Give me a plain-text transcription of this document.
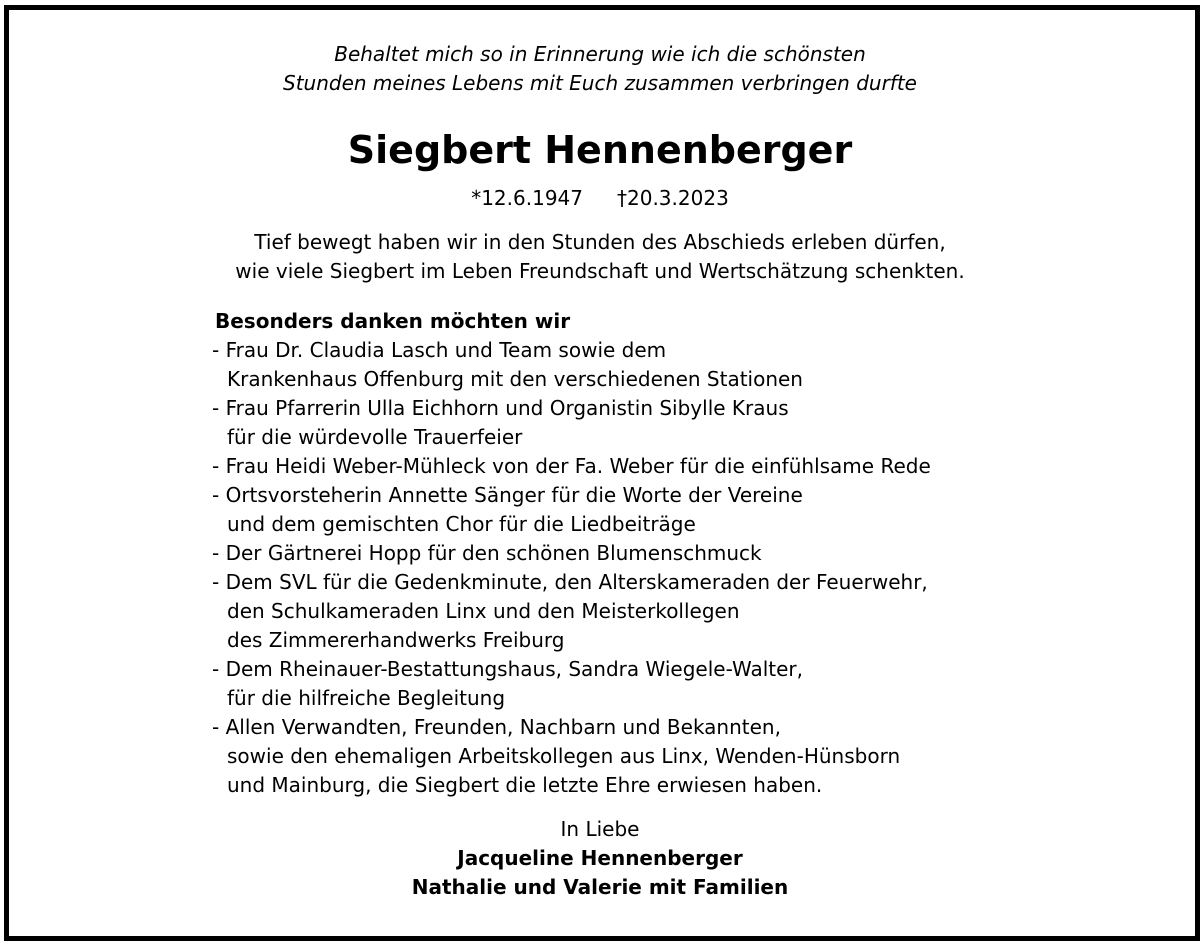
Behaltet mich so in Erinnerung wie ich die schönsten
Stunden meines Lebens mit Euch zusammen verbringen durfte
Siegbert Hennenberger
*12.6.1947 †20.3.2023
Tief bewegt haben wir in den Stunden des Abschieds erleben dürfen,
wie viele Siegbert im Leben Freundschaft und Wertschätzung schenkten.
Besonders danken möchten wir
- Frau Dr. Claudia Lasch und Team sowie dem
Krankenhaus Offenburg mit den verschiedenen Stationen
- Frau Pfarrerin Ulla Eichhorn und Organistin Sibylle Kraus
für die würdevolle Trauerfeier
- Frau Heidi Weber-Mühleck von der Fa. Weber für die einfühlsame Rede
- Ortsvorsteherin Annette Sänger für die Worte der Vereine
und dem gemischten Chor für die Liedbeiträge
- Der Gärtnerei Hopp für den schönen Blumenschmuck
- Dem SVL für die Gedenkminute, den Alterskameraden der Feuerwehr,
den Schulkameraden Linx und den Meisterkollegen
des Zimmererhandwerks Freiburg
- Dem Rheinauer-Bestattungshaus, Sandra Wiegele-Walter,
für die hilfreiche Begleitung
- Allen Verwandten, Freunden, Nachbarn und Bekannten,
sowie den ehemaligen Arbeitskollegen aus Linx, Wenden-Hünsborn
und Mainburg, die Siegbert die letzte Ehre erwiesen haben.
In Liebe
Jacqueline Hennenberger
Nathalie und Valerie mit Familien
